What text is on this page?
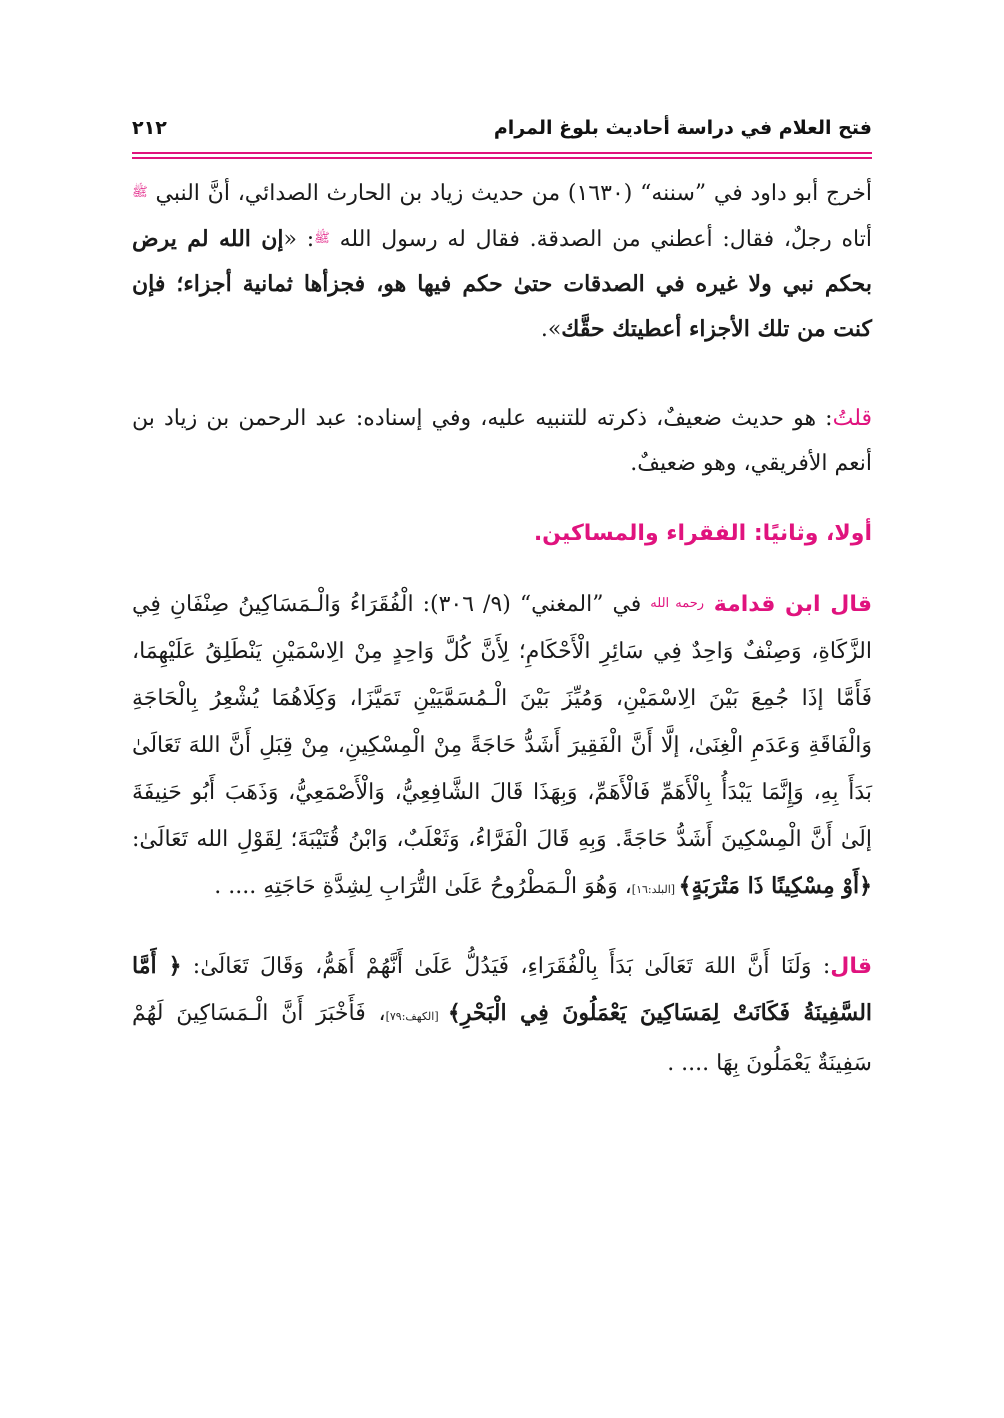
٢١٢	فتح العلام في دراسة أحاديث بلوغ المرام

أخرج أبو داود في ”سننه“ (١٦٣٠) من حديث زياد بن الحارث الصدائي، أنَّ النبي ﷺ أتاه رجلٌ، فقال: أعطني من الصدقة. فقال له رسول الله ﷺ: «إن الله لم يرض بحكم نبي ولا غيره في الصدقات حتىٰ حكم فيها هو، فجزأها ثمانية أجزاء؛ فإن كنت من تلك الأجزاء أعطيتك حقَّك».

قلتُ: هو حديث ضعيفٌ، ذكرته للتنبيه عليه، وفي إسناده: عبد الرحمن بن زياد بن أنعم الأفريقي، وهو ضعيفٌ.

أولا، وثانيًا: الفقراء والمساكين.

قال ابن قدامة رحمه الله في ”المغني“ (٩/ ٣٠٦): الْفُقَرَاءُ وَالْـمَسَاكِينُ صِنْفَانِ فِي الزَّكَاةِ، وَصِنْفٌ وَاحِدٌ فِي سَائِرِ الْأَحْكَامِ؛ لِأَنَّ كُلَّ وَاحِدٍ مِنْ الِاسْمَيْنِ يَنْطَلِقُ عَلَيْهِمَا، فَأَمَّا إذَا جُمِعَ بَيْنَ الِاسْمَيْنِ، وَمُيِّزَ بَيْنَ الْـمُسَمَّيَيْنِ تَمَيَّزَا، وَكِلَاهُمَا يُشْعِرُ بِالْحَاجَةِ وَالْفَاقَةِ وَعَدَمِ الْغِنَىٰ، إلَّا أَنَّ الْفَقِيرَ أَشَدُّ حَاجَةً مِنْ الْمِسْكِينِ، مِنْ قِبَلِ أَنَّ اللهَ تَعَالَىٰ بَدَأَ بِهِ، وَإِنَّمَا يَبْدَأُ بِالْأَهَمِّ فَالْأَهَمِّ، وَبِهَذَا قَالَ الشَّافِعِيُّ، وَالْأَصْمَعِيُّ، وَذَهَبَ أَبُو حَنِيفَةَ إلَىٰ أَنَّ الْمِسْكِينَ أَشَدُّ حَاجَةً. وَبِهِ قَالَ الْفَرَّاءُ، وَثَعْلَبٌ، وَابْنُ قُتَيْبَةَ؛ لِقَوْلِ الله تَعَالَىٰ: ﴿أَوْ مِسْكِينًا ذَا مَتْرَبَةٍ﴾ [البلد:١٦]، وَهُوَ الْـمَطْرُوحُ عَلَىٰ التُّرَابِ لِشِدَّةِ حَاجَتِهِ .... .

قال: وَلَنَا أَنَّ اللهَ تَعَالَىٰ بَدَأَ بِالْفُقَرَاءِ، فَيَدُلُّ عَلَىٰ أَنَّهُمْ أَهَمُّ، وَقَالَ تَعَالَىٰ: ﴿ أَمَّا السَّفِينَةُ فَكَانَتْ لِمَسَاكِينَ يَعْمَلُونَ فِي الْبَحْرِ﴾ [الكهف:٧٩]، فَأَخْبَرَ أَنَّ الْـمَسَاكِينَ لَهُمْ سَفِينَةٌ يَعْمَلُونَ بِهَا .... .
